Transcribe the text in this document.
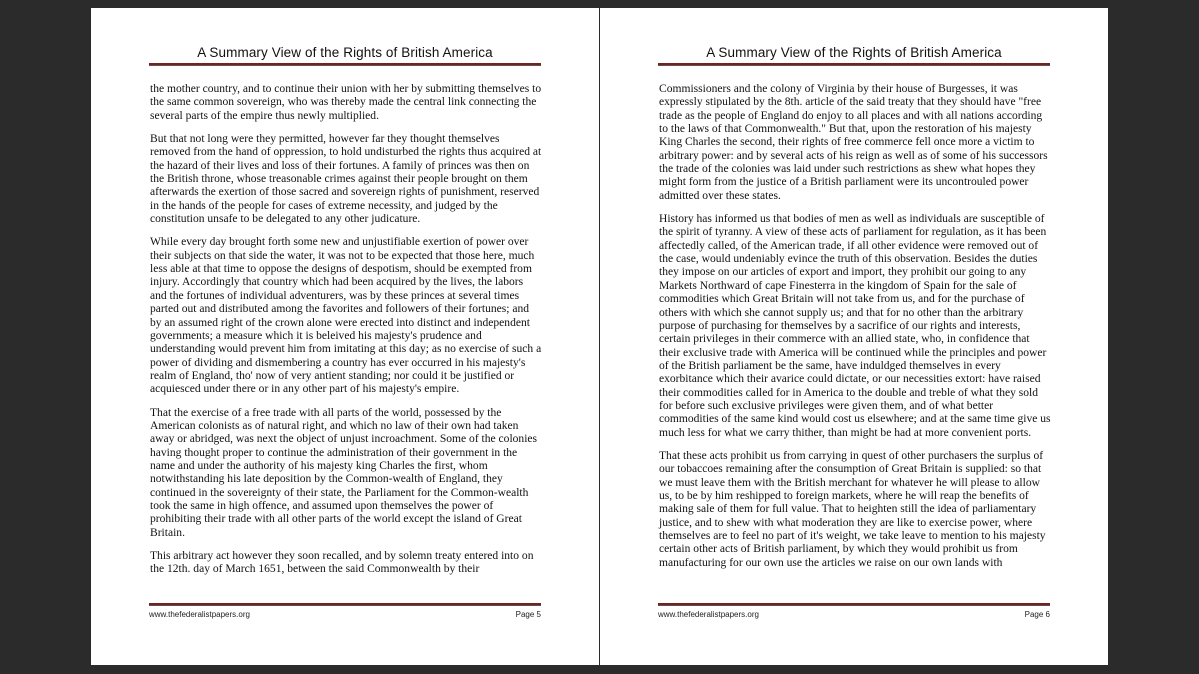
A Summary View of the Rights of British America

the mother country, and to continue their union with her by submitting themselves to the same common sovereign, who was thereby made the central link connecting the several parts of the empire thus newly multiplied.

But that not long were they permitted, however far they thought themselves removed from the hand of oppression, to hold undisturbed the rights thus acquired at the hazard of their lives and loss of their fortunes. A family of princes was then on the British throne, whose treasonable crimes against their people brought on them afterwards the exertion of those sacred and sovereign rights of punishment, reserved in the hands of the people for cases of extreme necessity, and judged by the constitution unsafe to be delegated to any other judicature.

While every day brought forth some new and unjustifiable exertion of power over their subjects on that side the water, it was not to be expected that those here, much less able at that time to oppose the designs of despotism, should be exempted from injury. Accordingly that country which had been acquired by the lives, the labors and the fortunes of individual adventurers, was by these princes at several times parted out and distributed among the favorites and followers of their fortunes; and by an assumed right of the crown alone were erected into distinct and independent governments; a measure which it is beleived his majesty's prudence and understanding would prevent him from imitating at this day; as no exercise of such a power of dividing and dismembering a country has ever occurred in his majesty's realm of England, tho' now of very antient standing; nor could it be justified or acquiesced under there or in any other part of his majesty's empire.

That the exercise of a free trade with all parts of the world, possessed by the American colonists as of natural right, and which no law of their own had taken away or abridged, was next the object of unjust incroachment. Some of the colonies having thought proper to continue the administration of their government in the name and under the authority of his majesty king Charles the first, whom notwithstanding his late deposition by the Common-wealth of England, they continued in the sovereignty of their state, the Parliament for the Common-wealth took the same in high offence, and assumed upon themselves the power of prohibiting their trade with all other parts of the world except the island of Great Britain.

This arbitrary act however they soon recalled, and by solemn treaty entered into on the 12th. day of March 1651, between the said Commonwealth by their

www.thefederalistpapers.org	Page 5
A Summary View of the Rights of British America

Commissioners and the colony of Virginia by their house of Burgesses, it was expressly stipulated by the 8th. article of the said treaty that they should have "free trade as the people of England do enjoy to all places and with all nations according to the laws of that Commonwealth." But that, upon the restoration of his majesty King Charles the second, their rights of free commerce fell once more a victim to arbitrary power: and by several acts of his reign as well as of some of his successors the trade of the colonies was laid under such restrictions as shew what hopes they might form from the justice of a British parliament were its uncontrouled power admitted over these states.

History has informed us that bodies of men as well as individuals are susceptible of the spirit of tyranny. A view of these acts of parliament for regulation, as it has been affectedly called, of the American trade, if all other evidence were removed out of the case, would undeniably evince the truth of this observation. Besides the duties they impose on our articles of export and import, they prohibit our going to any Markets Northward of cape Finesterra in the kingdom of Spain for the sale of commodities which Great Britain will not take from us, and for the purchase of others with which she cannot supply us; and that for no other than the arbitrary purpose of purchasing for themselves by a sacrifice of our rights and interests, certain privileges in their commerce with an allied state, who, in confidence that their exclusive trade with America will be continued while the principles and power of the British parliament be the same, have induldged themselves in every exorbitance which their avarice could dictate, or our necessities extort: have raised their commodities called for in America to the double and treble of what they sold for before such exclusive privileges were given them, and of what better commodities of the same kind would cost us elsewhere; and at the same time give us much less for what we carry thither, than might be had at more convenient ports.

That these acts prohibit us from carrying in quest of other purchasers the surplus of our tobaccoes remaining after the consumption of Great Britain is supplied: so that we must leave them with the British merchant for whatever he will please to allow us, to be by him reshipped to foreign markets, where he will reap the benefits of making sale of them for full value. That to heighten still the idea of parliamentary justice, and to shew with what moderation they are like to exercise power, where themselves are to feel no part of it's weight, we take leave to mention to his majesty certain other acts of British parliament, by which they would prohibit us from manufacturing for our own use the articles we raise on our own lands with

www.thefederalistpapers.org	Page 6
